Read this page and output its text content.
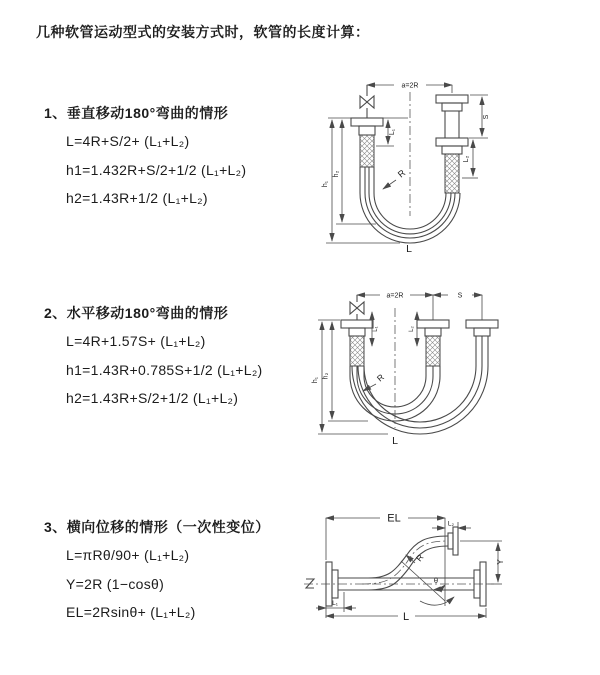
几种软管运动型式的安装方式时，软管的长度计算：
1、垂直移动180°弯曲的情形
L=4R+S/2+ (L₁+L₂)
h1=1.432R+S/2+1/2 (L₁+L₂)
h2=1.43R+1/2 (L₁+L₂)
2、水平移动180°弯曲的情形
L=4R+1.57S+ (L₁+L₂)
h1=1.43R+0.785S+1/2 (L₁+L₂)
h2=1.43R+S/2+1/2 (L₁+L₂)
3、横向位移的情形（一次性变位）
L=πRθ/90+ (L₁+L₂)
Y=2R (1−cosθ)
EL=2Rsinθ+ (L₁+L₂)
a=2R
h₁
h₂
L₁
S
L₂
R
L
a=2R	S
h₁
h₂
L₁	L₂
R
L
EL	L₂
Y
R
θ
L₁
L
